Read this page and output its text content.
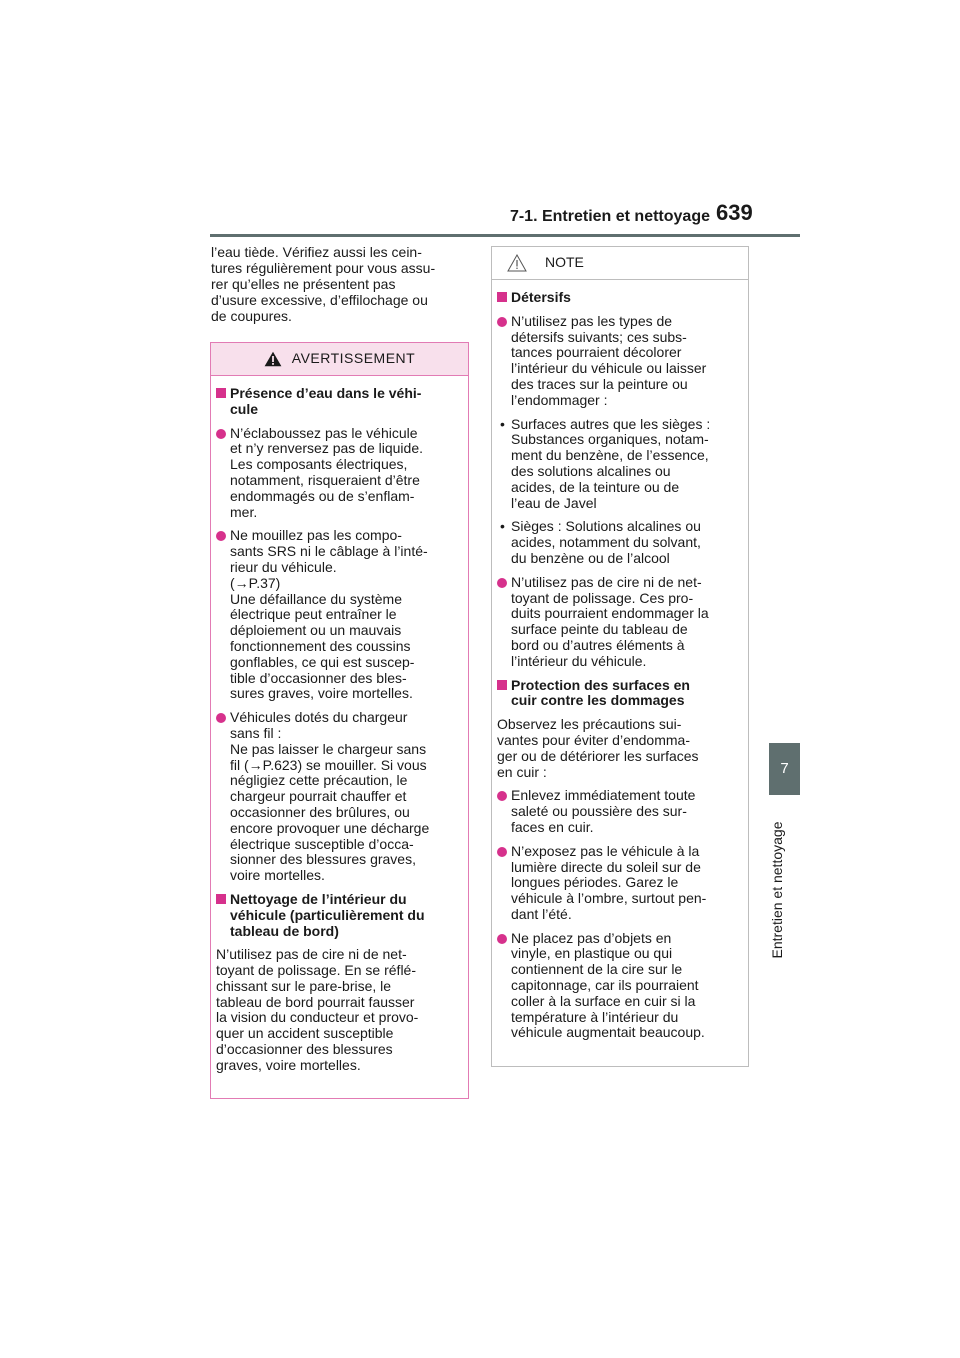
7-1. Entretien et nettoyage 639
7
Entretien et nettoyage

l’eau tiède. Vérifiez aussi les cein-
tures régulièrement pour vous assu-
rer qu’elles ne présentent pas
d’usure excessive, d’effilochage ou
de coupures.

AVERTISSEMENT
Présence d’eau dans le véhi-
cule
N’éclaboussez pas le véhicule
et n’y renversez pas de liquide.
Les composants électriques,
notamment, risqueraient d’être
endommagés ou de s’enflam-
mer.
Ne mouillez pas les compo-
sants SRS ni le câblage à l’inté-
rieur du véhicule.
(→P.37)
Une défaillance du système
électrique peut entraîner le
déploiement ou un mauvais
fonctionnement des coussins
gonflables, ce qui est suscep-
tible d’occasionner des bles-
sures graves, voire mortelles.
Véhicules dotés du chargeur
sans fil :
Ne pas laisser le chargeur sans
fil (→P.623) se mouiller. Si vous
négligiez cette précaution, le
chargeur pourrait chauffer et
occasionner des brûlures, ou
encore provoquer une décharge
électrique susceptible d’occa-
sionner des blessures graves,
voire mortelles.
Nettoyage de l’intérieur du
véhicule (particulièrement du
tableau de bord)

N’utilisez pas de cire ni de net-
toyant de polissage. En se réflé-
chissant sur le pare-brise, le
tableau de bord pourrait fausser
la vision du conducteur et provo-
quer un accident susceptible
d’occasionner des blessures
graves, voire mortelles.

NOTE
Détersifs
N’utilisez pas les types de
détersifs suivants; ces subs-
tances pourraient décolorer
l’intérieur du véhicule ou laisser
des traces sur la peinture ou
l’endommager :
• Surfaces autres que les sièges :
Substances organiques, notam-
ment du benzène, de l’essence,
des solutions alcalines ou
acides, de la teinture ou de
l’eau de Javel
• Sièges : Solutions alcalines ou
acides, notamment du solvant,
du benzène ou de l’alcool
N’utilisez pas de cire ni de net-
toyant de polissage. Ces pro-
duits pourraient endommager la
surface peinte du tableau de
bord ou d’autres éléments à
l’intérieur du véhicule.
Protection des surfaces en
cuir contre les dommages

Observez les précautions sui-
vantes pour éviter d’endomma-
ger ou de détériorer les surfaces
en cuir :

Enlevez immédiatement toute
saleté ou poussière des sur-
faces en cuir.
N’exposez pas le véhicule à la
lumière directe du soleil sur de
longues périodes. Garez le
véhicule à l’ombre, surtout pen-
dant l’été.
Ne placez pas d’objets en
vinyle, en plastique ou qui
contiennent de la cire sur le
capitonnage, car ils pourraient
coller à la surface en cuir si la
température à l’intérieur du
véhicule augmentait beaucoup.
